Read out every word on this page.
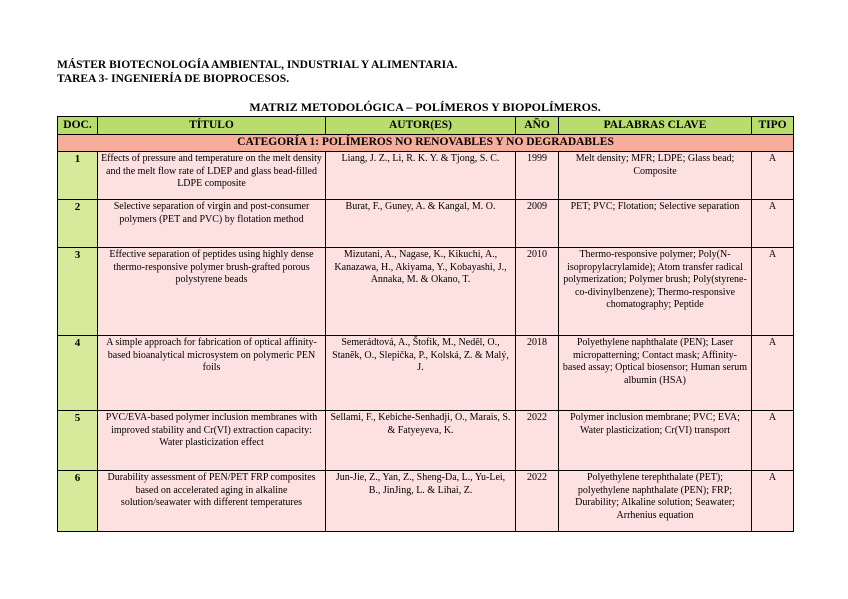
MÁSTER BIOTECNOLOGÍA AMBIENTAL, INDUSTRIAL Y ALIMENTARIA.
TAREA 3- INGENIERÍA DE BIOPROCESOS.
MATRIZ METODOLÓGICA – POLÍMEROS Y BIOPOLÍMEROS.
DOC.	TÍTULO	AUTOR(ES)	AÑO	PALABRAS CLAVE	TIPO
CATEGORÍA 1: POLÍMEROS NO RENOVABLES Y NO DEGRADABLES					
1	Effects of pressure and temperature on the melt density and the melt flow rate of LDEP and glass bead-filled LDPE composite	Liang, J. Z., Li, R. K. Y. & Tjong, S. C.	1999	Melt density; MFR; LDPE; Glass bead; Composite	A
2	Selective separation of virgin and post-consumer polymers (PET and PVC) by flotation method	Burat, F., Guney, A. & Kangal, M. O.	2009	PET; PVC; Flotation; Selective separation	A
3	Effective separation of peptides using highly dense thermo-responsive polymer brush-grafted porous polystyrene beads	Mizutani, A., Nagase, K., Kikuchi, A., Kanazawa, H., Akiyama, Y., Kobayashi, J., Annaka, M. & Okano, T.	2010	Thermo-responsive polymer; Poly(N-isopropylacrylamide); Atom transfer radical polymerization; Polymer brush; Poly(styrene-co-divinylbenzene); Thermo-responsive chomatography; Peptide	A
4	A simple approach for fabrication of optical affinity-based bioanalytical microsystem on polymeric PEN foils	Semerádtová, A., Štofik, M., Nedĕl, O., Stanĕk, O., Slepička, P., Kolská, Z. & Malý, J.	2018	Polyethylene naphthalate (PEN); Laser micropatterning; Contact mask; Affinity-based assay; Optical biosensor; Human serum albumin (HSA)	A
5	PVC/EVA-based polymer inclusion membranes with improved stability and Cr(VI) extraction capacity: Water plasticization effect	Sellami, F., Kebiche-Senhadji, O., Marais, S. & Fatyeyeva, K.	2022	Polymer inclusion membrane; PVC; EVA; Water plasticization; Cr(VI) transport	A
6	Durability assessment of PEN/PET FRP composites based on accelerated aging in alkaline solution/seawater with different temperatures	Jun-Jie, Z., Yan, Z., Sheng-Da, L., Yu-Lei, B., JinJing, L. & Lihai, Z.	2022	Polyethylene terephthalate (PET); polyethylene naphthalate (PEN); FRP; Durability; Alkaline solution; Seawater; Arrhenius equation	A
